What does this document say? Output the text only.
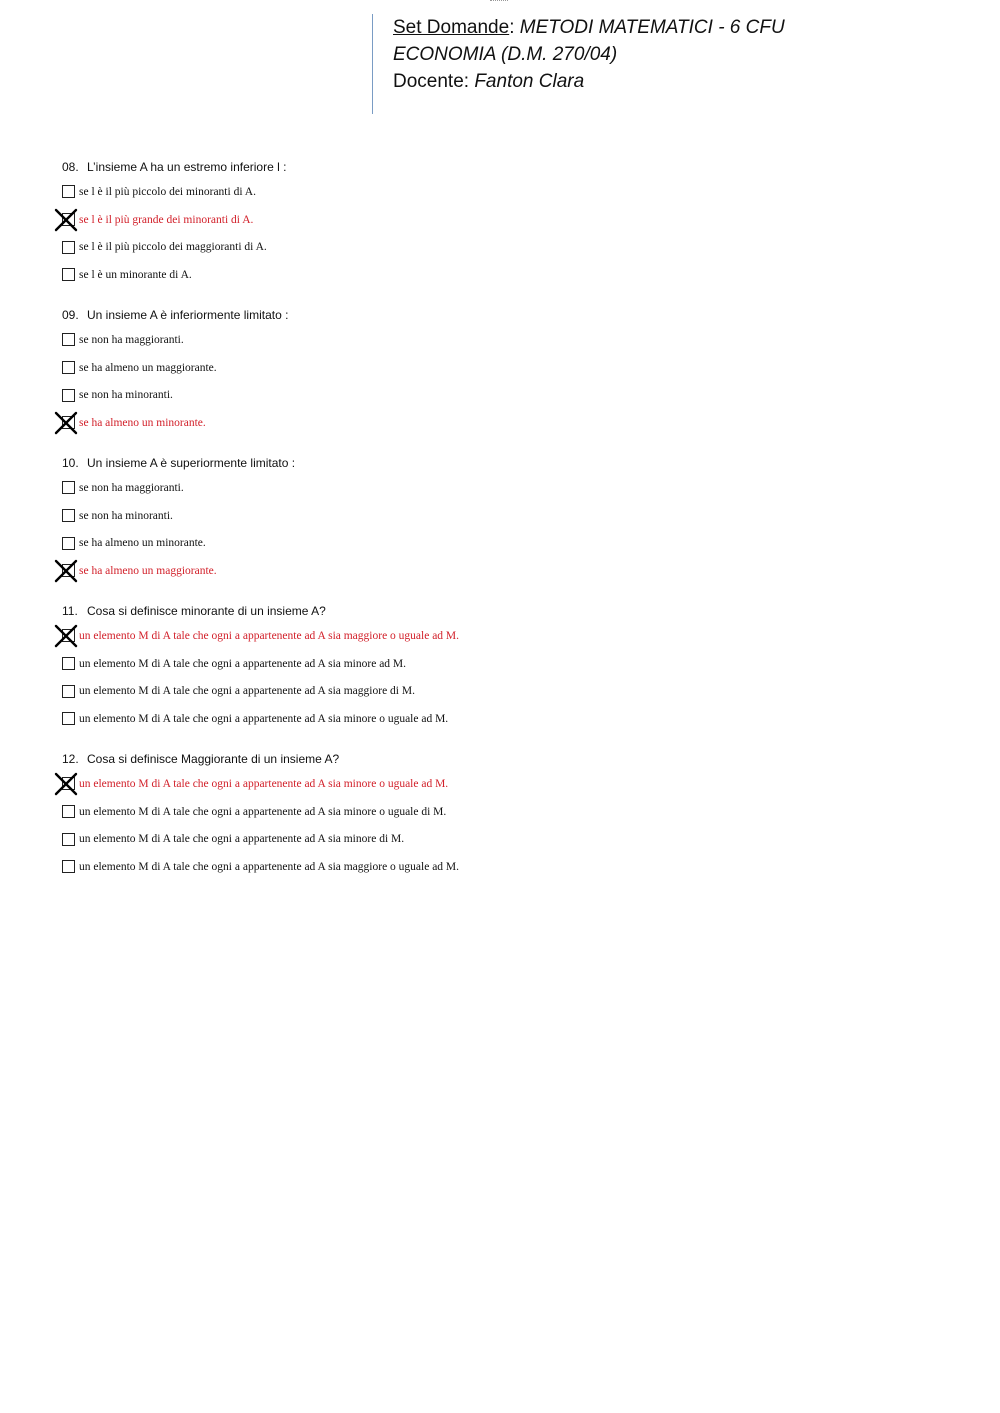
Set Domande: METODI MATEMATICI - 6 CFU
ECONOMIA (D.M. 270/04)
Docente: Fanton Clara
08. L’insieme A ha un estremo inferiore l :
se l è il più piccolo dei minoranti di A.
se l è il più grande dei minoranti di A.
se l è il più piccolo dei maggioranti di A.
se l è un minorante di A.
09. Un insieme A è inferiormente limitato :
se non ha maggioranti.
se ha almeno un maggiorante.
se non ha minoranti.
se ha almeno un minorante.
10. Un insieme A è superiormente limitato :
se non ha maggioranti.
se non ha minoranti.
se ha almeno un minorante.
se ha almeno un maggiorante.
11. Cosa si definisce minorante di un insieme A?
un elemento M di A tale che ogni a appartenente ad A sia maggiore o uguale ad M.
un elemento M di A tale che ogni a appartenente ad A sia minore ad M.
un elemento M di A tale che ogni a appartenente ad A sia maggiore di M.
un elemento M di A tale che ogni a appartenente ad A sia minore o uguale ad M.
12. Cosa si definisce Maggiorante di un insieme A?
un elemento M di A tale che ogni a appartenente ad A sia minore o uguale ad M.
un elemento M di A tale che ogni a appartenente ad A sia minore o uguale di M.
un elemento M di A tale che ogni a appartenente ad A sia minore di M.
un elemento M di A tale che ogni a appartenente ad A sia maggiore o uguale ad M.
